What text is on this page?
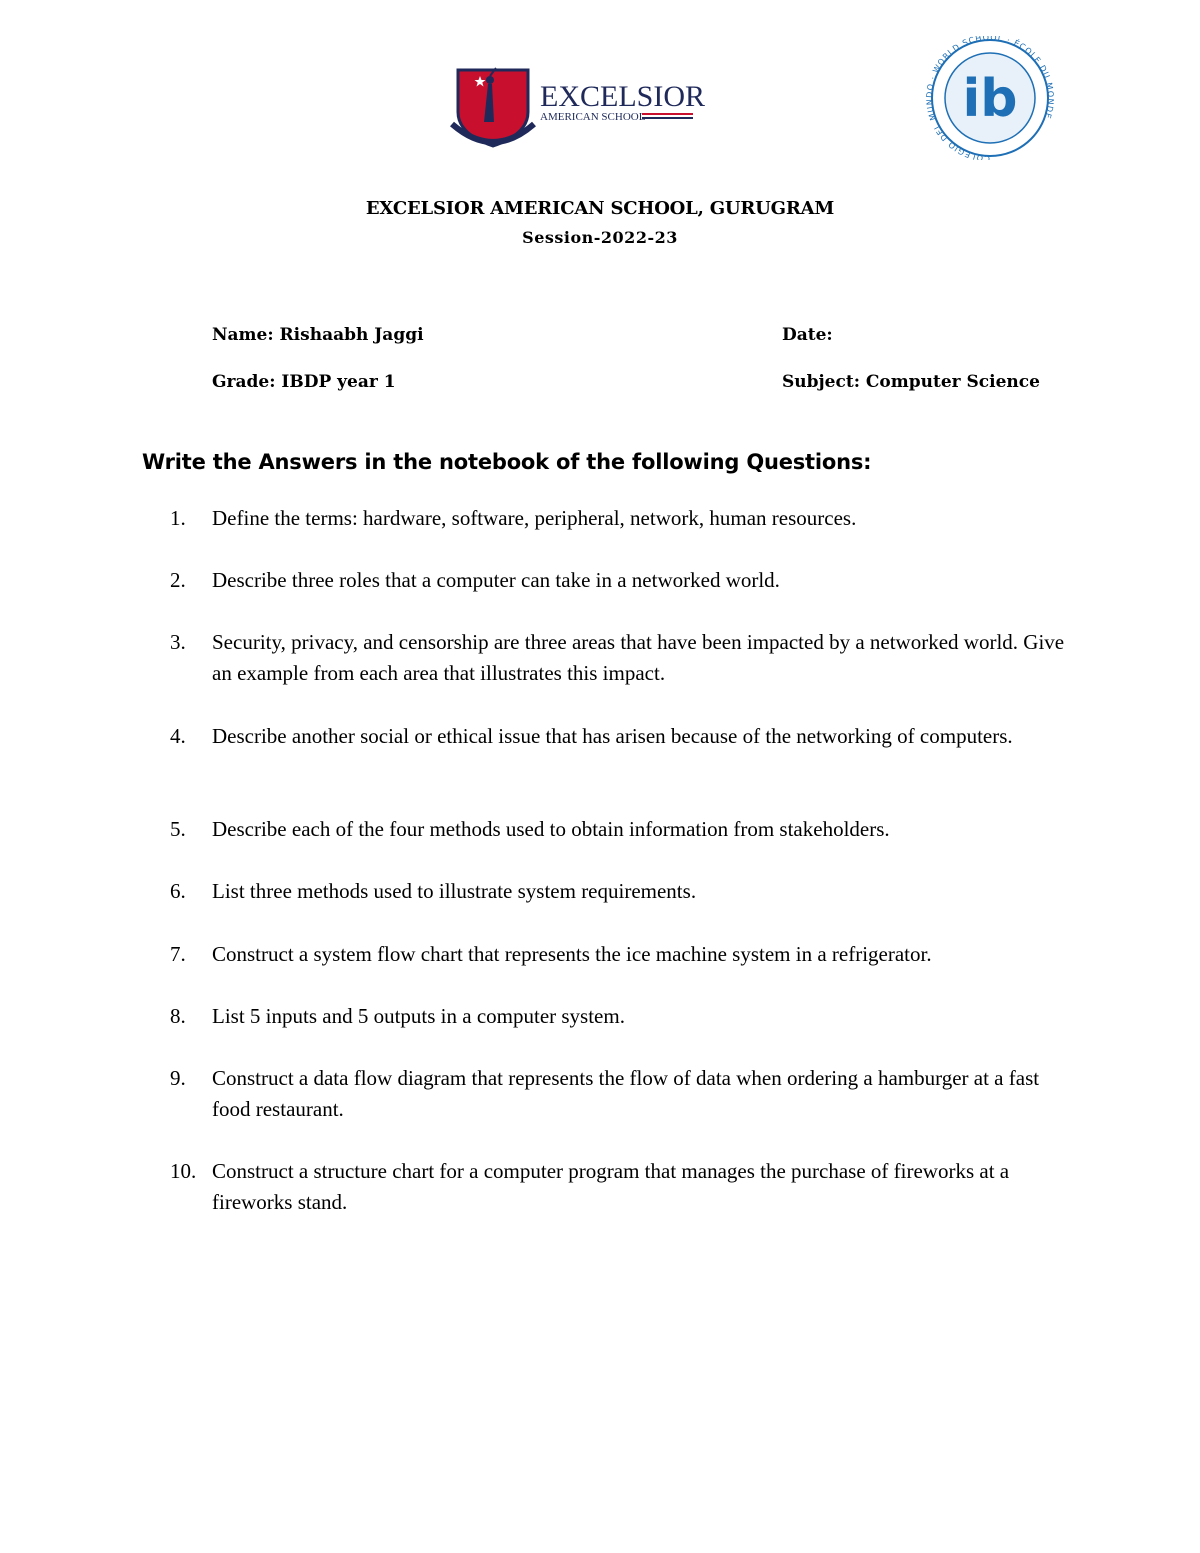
EXCELSIOR
AMERICAN SCHOOL
COLEGIO DEL MUNDO · WORLD SCHOOL · ÉCOLE DU MONDE
ib
EXCELSIOR AMERICAN SCHOOL, GURUGRAM
Session-2022-23
Name: Rishaabh Jaggi	Date:
Grade: IBDP year 1	Subject: Computer Science
Write the Answers in the notebook of the following Questions:
1.	Define the terms: hardware, software, peripheral, network, human resources.
2.	Describe three roles that a computer can take in a networked world.
3.	Security, privacy, and censorship are three areas that have been impacted by a networked world. Give an example from each area that illustrates this impact.
4.	Describe another social or ethical issue that has arisen because of the networking of computers.
5.	Describe each of the four methods used to obtain information from stakeholders.
6.	List three methods used to illustrate system requirements.
7.	Construct a system flow chart that represents the ice machine system in a refrigerator.
8.	List 5 inputs and 5 outputs in a computer system.
9.	Construct a data flow diagram that represents the flow of data when ordering a hamburger at a fast food restaurant.
10. Construct a structure chart for a computer program that manages the purchase of fireworks at a fireworks stand.
